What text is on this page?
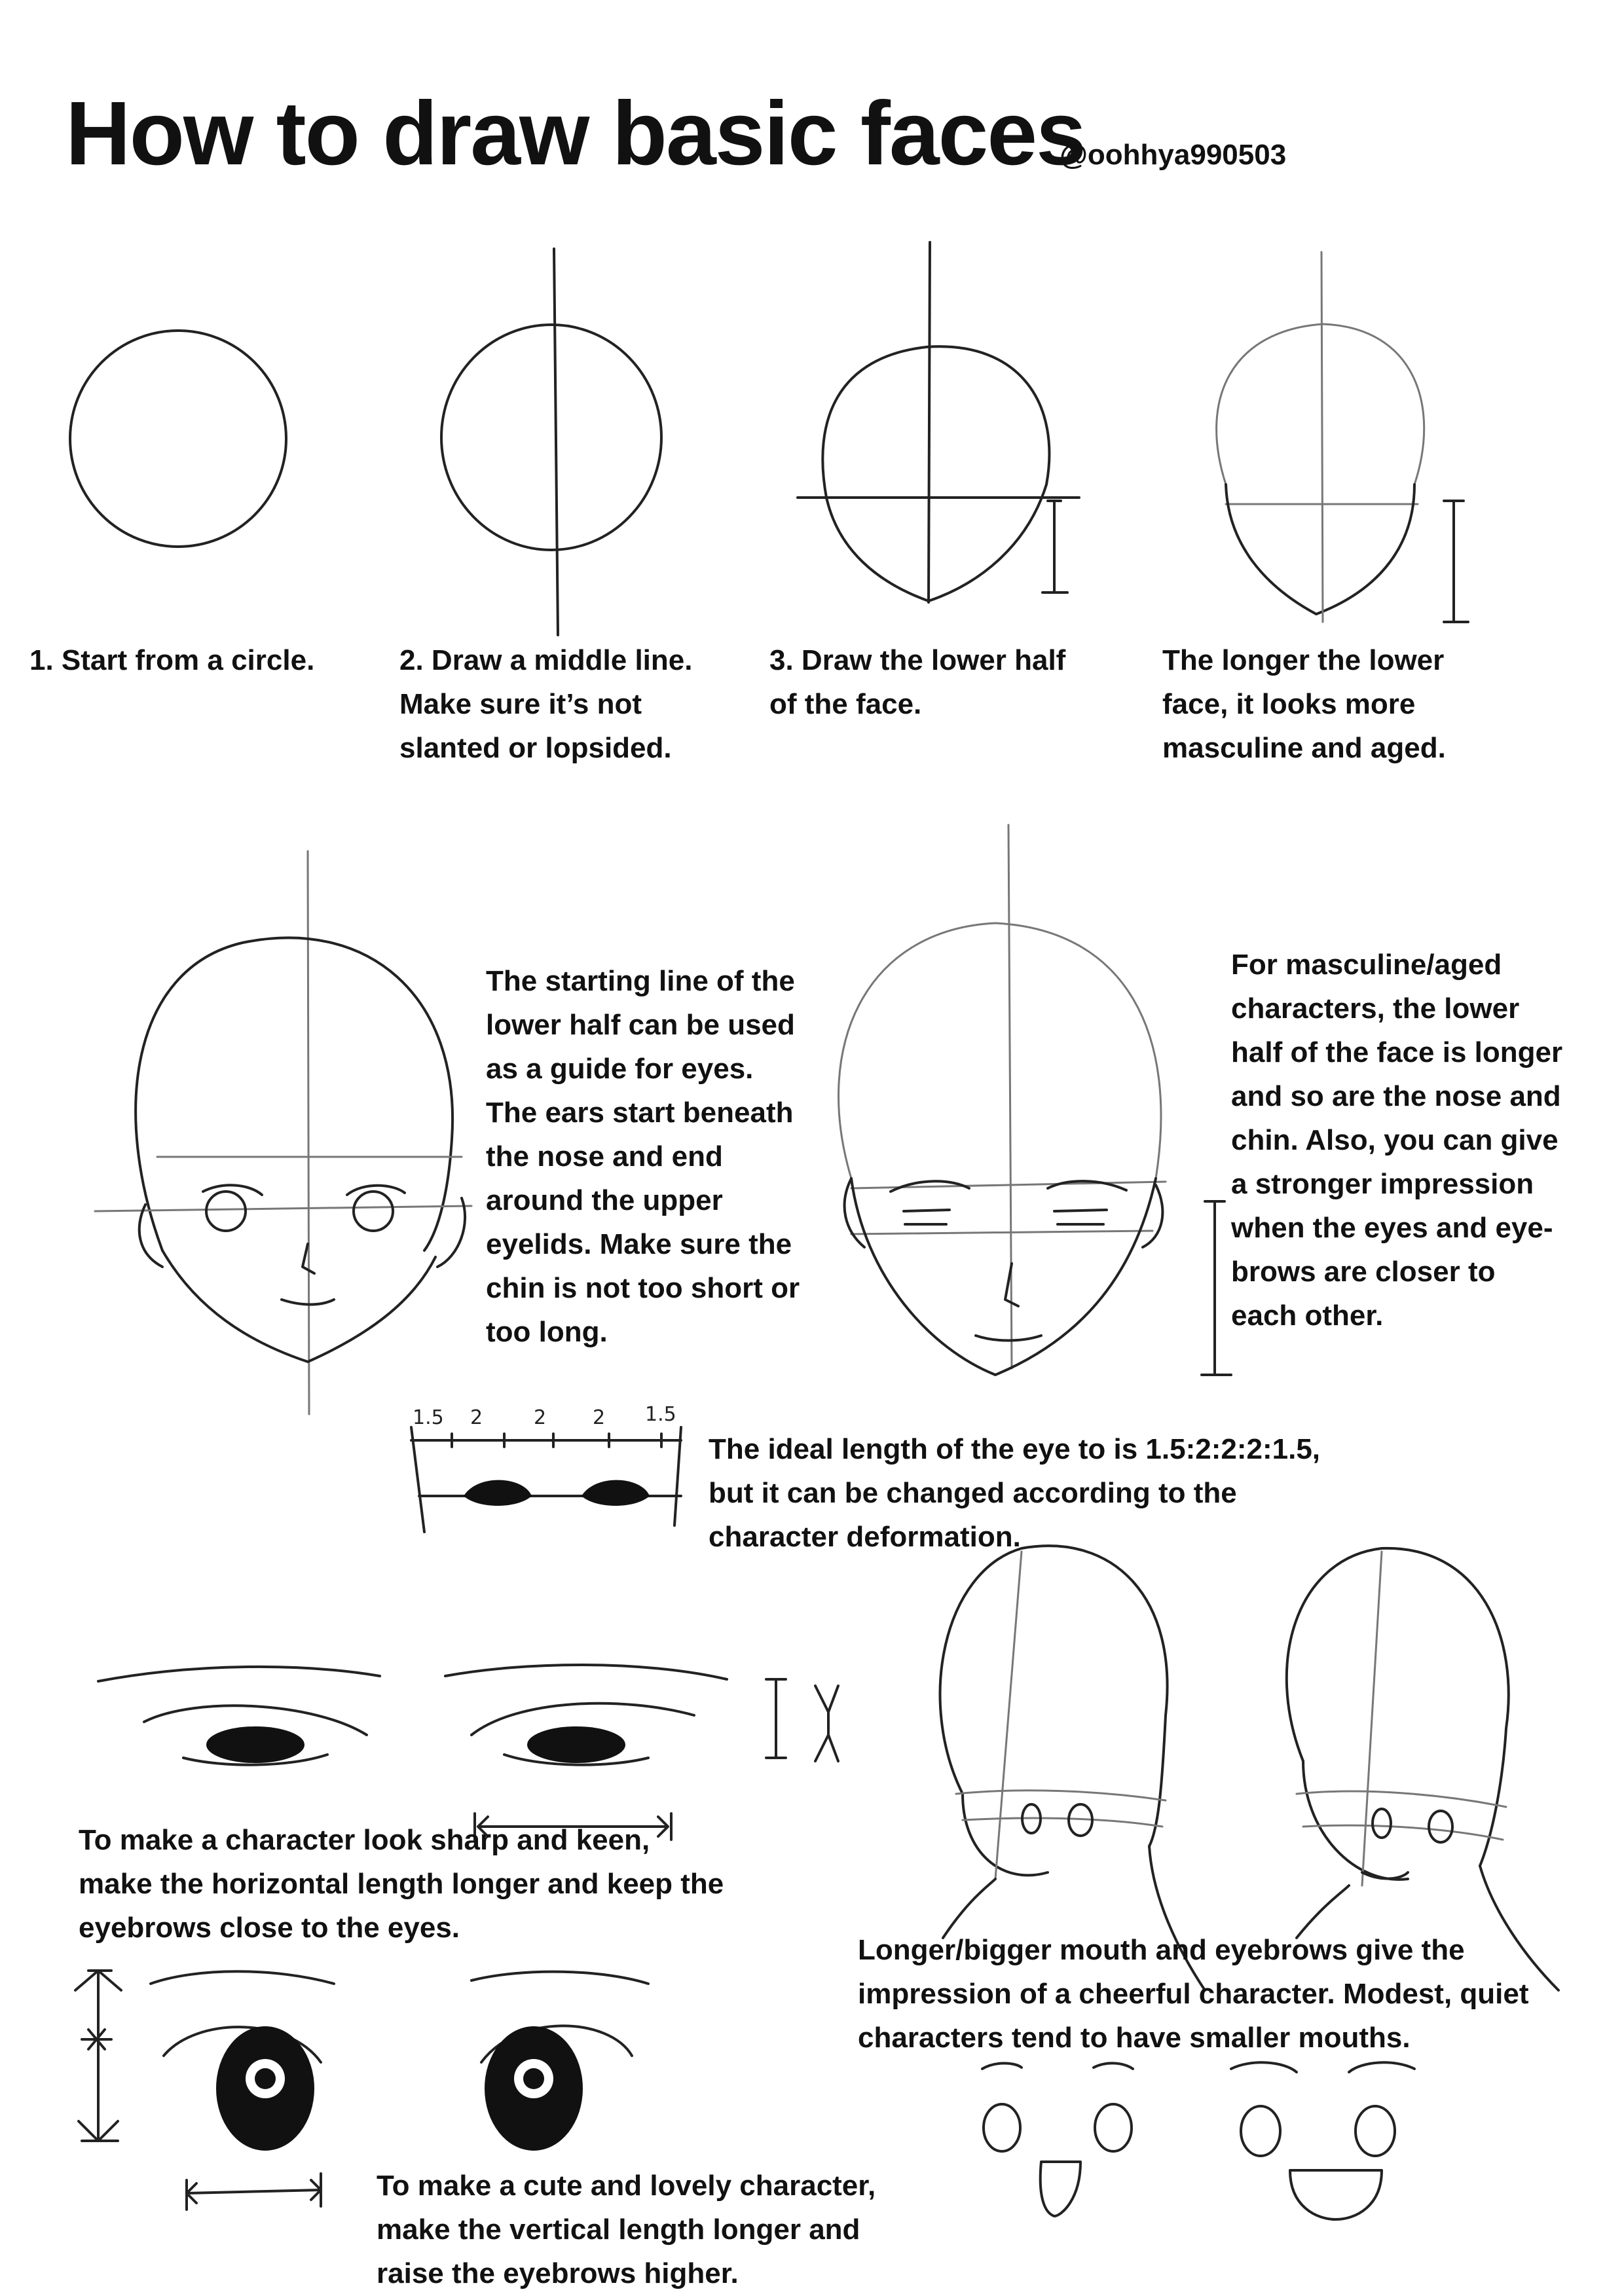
How to draw basic faces
@oohhya990503
1.5 2	2 2 1.5
1. Start from a circle.	2. Draw a middle line.
Make sure it’s not
slanted or lopsided.
3. Draw the lower half
of the face.
The longer the lower
face, it looks more
masculine and aged.
The starting line of the
lower half can be used
as a guide for eyes.
The ears start beneath
the nose and end
around the upper
eyelids. Make sure the
chin is not too short or
too long.
For masculine/aged
characters, the lower
half of the face is longer
and so are the nose and
chin. Also, you can give
a stronger impression
when the eyes and eye-
brows are closer to
each other.
The ideal length of the eye to is 1.5:2:2:2:1.5,
but it can be changed according to the
character deformation.
To make a character look sharp and keen,
make the horizontal length longer and keep the
eyebrows close to the eyes.
Longer/bigger mouth and eyebrows give the
impression of a cheerful character. Modest, quiet
characters tend to have smaller mouths.
To make a cute and lovely character,
make the vertical length longer and
raise the eyebrows higher.
